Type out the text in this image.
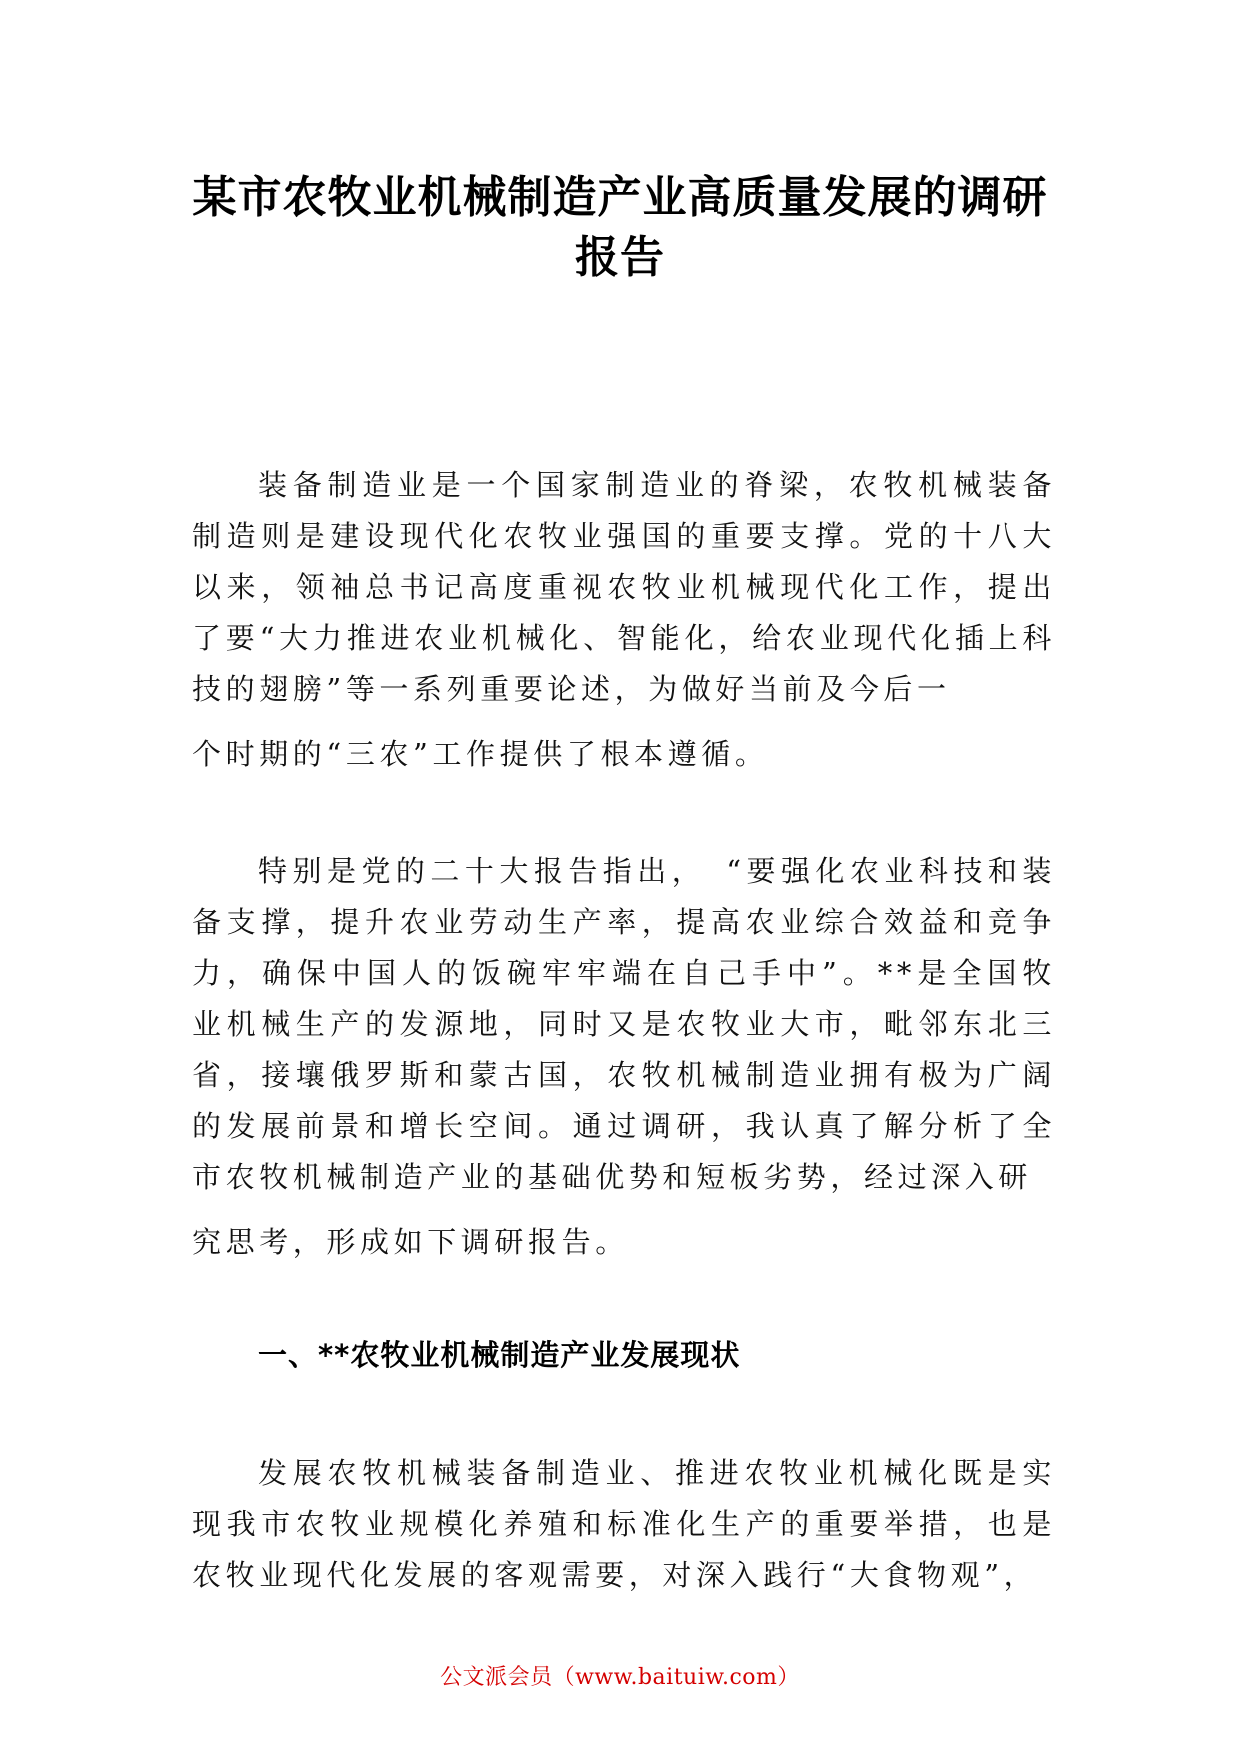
某市农牧业机械制造产业高质量发展的调研报告

装备制造业是一个国家制造业的脊梁，农牧机械装备制造则是建设现代化农牧业强国的重要支撑。党的十八大以来，领袖总书记高度重视农牧业机械现代化工作，提出了要“大力推进农业机械化、智能化，给农业现代化插上科技的翅膀”等一系列重要论述，为做好当前及今后一
个时期的“三农”工作提供了根本遵循。

特别是党的二十大报告指出，　“要强化农业科技和装备支撑，提升农业劳动生产率，提高农业综合效益和竞争力，确保中国人的饭碗牢牢端在自己手中”。**是全国牧业机械生产的发源地，同时又是农牧业大市，毗邻东北三省，接壤俄罗斯和蒙古国，农牧机械制造业拥有极为广阔的发展前景和增长空间。通过调研，我认真了解分析了全市农牧机械制造产业的基础优势和短板劣势，经过深入研
究思考，形成如下调研报告。

一、**农牧业机械制造产业发展现状

发展农牧机械装备制造业、推进农牧业机械化既是实现我市农牧业规模化养殖和标准化生产的重要举措，也是农牧业现代化发展的客观需要，对深入践行“大食物观”，

公文派会员（www.baituiw.com）
